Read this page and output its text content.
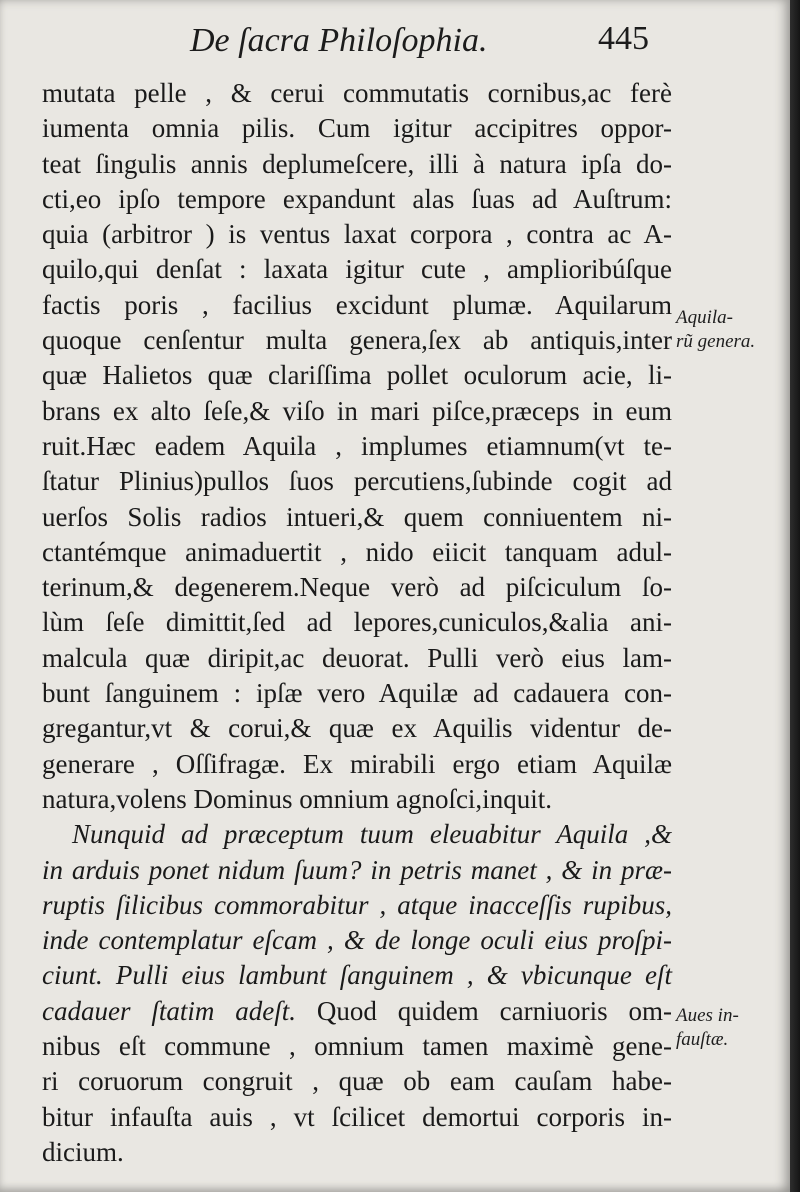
De ſacra Philoſophia.	445
mutata pelle , & cerui commutatis cornibus,ac ferè
iumenta omnia pilis. Cum igitur accipitres oppor-
teat ſingulis annis deplumeſcere, illi à natura ipſa do-
cti,eo ipſo tempore expandunt alas ſuas ad Auſtrum:
quia (arbitror ) is ventus laxat corpora , contra ac A-
quilo,qui denſat : laxata igitur cute , amplioribúſque
factis poris , facilius excidunt plumæ. Aquilarum
quoque cenſentur multa genera,ſex ab antiquis,inter
quæ Halietos quæ clariſſima pollet oculorum acie, li-
brans ex alto ſeſe,& viſo in mari piſce,præceps in eum
ruit.Hæc eadem Aquila , implumes etiamnum(vt te-
ſtatur Plinius)pullos ſuos percutiens,ſubinde cogit ad
uerſos Solis radios intueri,& quem conniuentem ni-
ctantémque animaduertit , nido eiicit tanquam adul-
terinum,& degenerem.Neque verò ad piſciculum ſo-
lùm ſeſe dimittit,ſed ad lepores,cuniculos,&alia ani-
malcula quæ diripit,ac deuorat. Pulli verò eius lam-
bunt ſanguinem : ipſæ vero Aquilæ ad cadauera con-
gregantur,vt & corui,& quæ ex Aquilis videntur de-
generare , Oſſifragæ. Ex mirabili ergo etiam Aquilæ
natura,volens Dominus omnium agnoſci,inquit.
Nunquid ad præceptum tuum eleuabitur Aquila ,&
in arduis ponet nidum ſuum? in petris manet , & in præ-
ruptis ſilicibus commorabitur , atque inacceſſis rupibus,
inde contemplatur eſcam , & de longe oculi eius proſpi-
ciunt. Pulli eius lambunt ſanguinem , & vbicunque eſt
cadauer ſtatim adeſt. Quod quidem carniuoris om-
nibus eſt commune , omnium tamen maximè gene-
ri coruorum congruit , quæ ob eam cauſam habe-
bitur infauſta auis , vt ſcilicet demortui corporis in-
dicium.
Aquila-
rũ genera.
Aues in-
fauſtæ.
